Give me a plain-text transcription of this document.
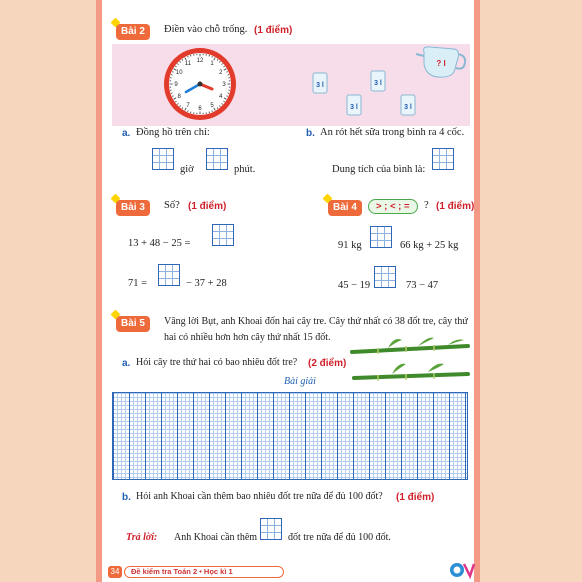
Bài 2	Điền vào chỗ trống. (1 điểm)
12
1
2
3
4
5
6
7
8
9
10
11	? l
3 l	3 l
3 l	3 l
a. Đồng hồ trên chỉ:	b. An rót hết sữa trong bình ra 4 cốc.
giờ	phút.	Dung tích của bình là:
Bài 3	Số? (1 điểm)
13 + 48 − 25 =
71 =	− 37 + 28
Bài 4	> ; < ; =	? (1 điểm)
91 kg	66 kg + 25 kg
45 − 19	73 − 47
Bài 5	Vâng lời Bụt, anh Khoai đốn hai cây tre. Cây thứ nhất có 38 đốt tre, cây thứ
hai có nhiều hơn hơn cây thứ nhất 15 đốt.
a. Hỏi cây tre thứ hai có bao nhiêu đốt tre? (2 điểm)
Bài giải
b. Hỏi anh Khoai cần thêm bao nhiêu đốt tre nữa để đủ 100 đốt? (1 điểm)
Trả lời: Anh Khoai cần thêm	đốt tre nữa để đủ 100 đốt.
34	Đề kiểm tra Toán 2 • Học kì 1
